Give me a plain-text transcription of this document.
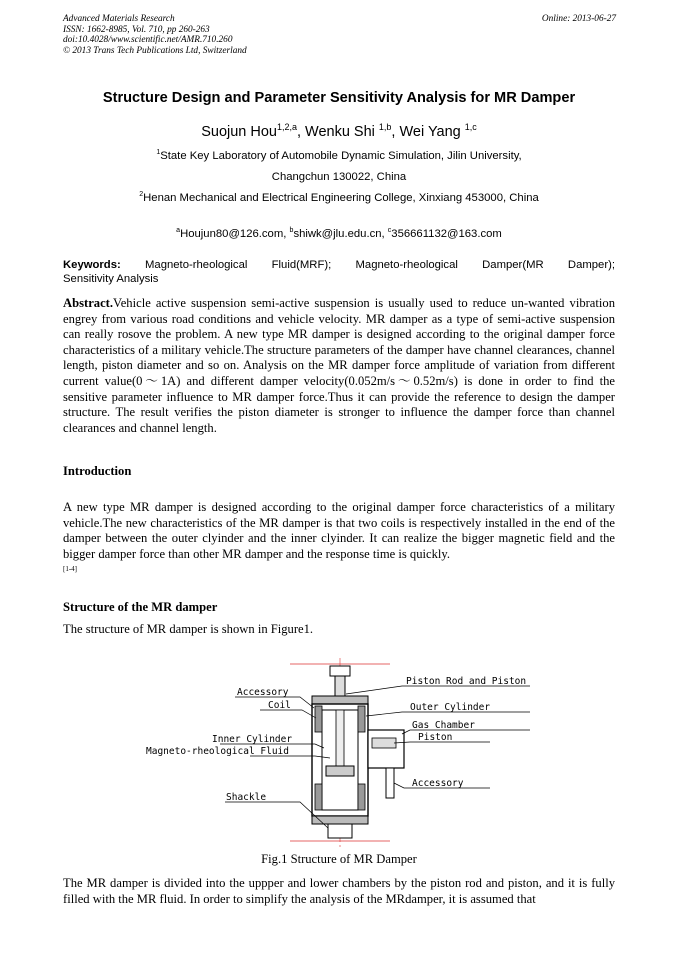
Advanced Materials Research
ISSN: 1662-8985, Vol. 710, pp 260-263
doi:10.4028/www.scientific.net/AMR.710.260
© 2013 Trans Tech Publications Ltd, Switzerland
Online: 2013-06-27
Structure Design and Parameter Sensitivity Analysis for MR Damper
Suojun Hou$^{1,2,a}$, Wenku Shi $^{1,b}$, Wei Yang $^{1,c}$
$^1$State Key Laboratory of Automobile Dynamic Simulation, Jilin University,
Changchun 130022, China
$^2$Henan Mechanical and Electrical Engineering College, Xinxiang 453000, China
$^a$Houjun80@126.com, $^b$shiwk@jlu.edu.cn, $^c$356661132@163.com
Keywords: Magneto-rheological Fluid(MRF); Magneto-rheological Damper(MR Damper);
Sensitivity Analysis
Abstract.Vehicle active suspension semi-active suspension is usually used to reduce un-wanted vibration engrey from various road conditions and vehicle velocity. MR damper as a type of semi-active suspension can really rosove the problem. A new type MR damper is designed according to the original damper force characteristics of a military vehicle.The structure parameters of the damper have channel clearances, channel length, piston diameter and so on. Analysis on the MR damper force amplitude of variation from different current value(0～1A) and different damper velocity(0.052m/s～0.52m/s) is done in order to find the sensitive parameter influence to MR damper force.Thus it can provide the reference to design the damper structure. The result verifies the piston diameter is stronger to influence the damper force than channel clearances and channel length.
Introduction
A new type MR damper is designed according to the original damper force characteristics of a military vehicle.The new characteristics of the MR damper is that two coils is respectively installed in the end of the damper between the outer clyinder and the inner clyinder. It can realize the bigger magnetic field and the bigger damper force than other MR damper and the response time is quickly.
[1-4]
Structure of the MR damper
The structure of MR damper is shown in Figure1.
Accessory
Coil
Inner Cylinder
Magneto-rheological Fluid
Shackle
Piston Rod and Piston
Outer Cylinder
Gas Chamber
Piston
Accessory
Fig.1 Structure of MR Damper
The MR damper is divided into the uppper and lower chambers by the piston rod and piston, and it is fully filled with the MR fluid. In order to simplify the analysis of the MRdamper, it is assumed that
